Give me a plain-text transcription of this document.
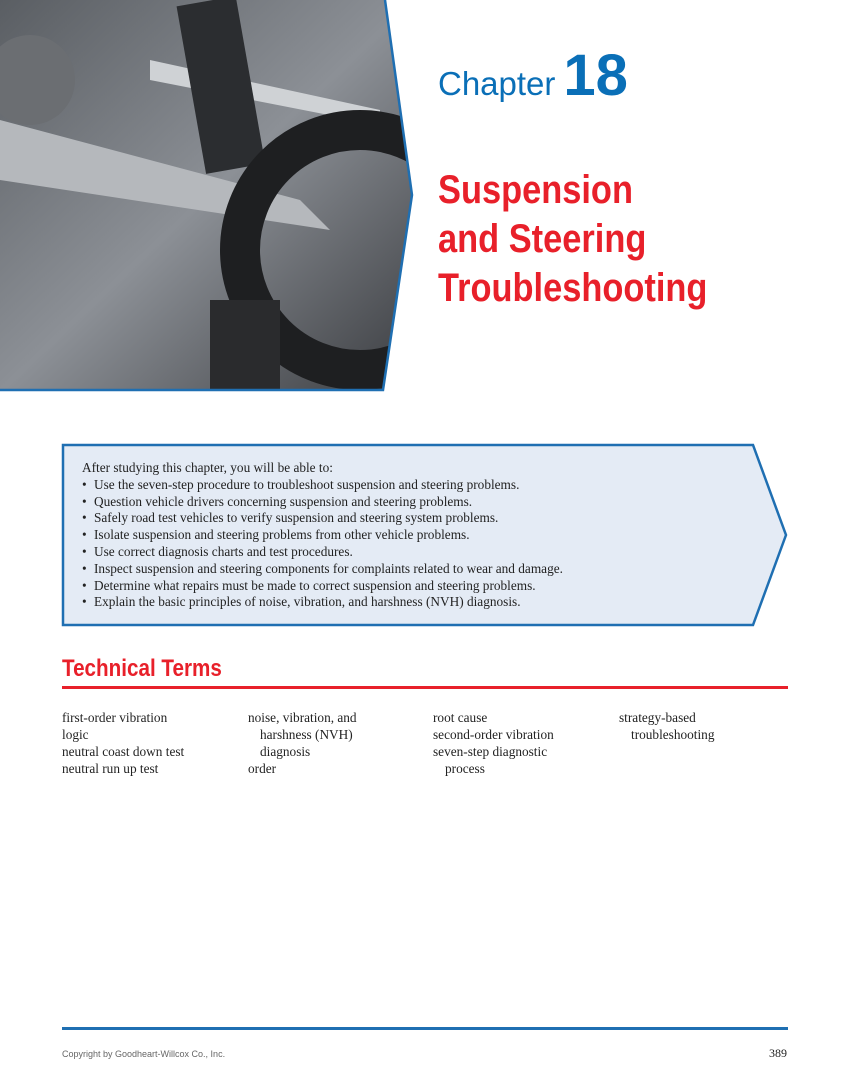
Chapter 18
Suspension
and Steering
Troubleshooting
After studying this chapter, you will be able to:
• Use the seven-step procedure to troubleshoot suspension and steering problems.
• Question vehicle drivers concerning suspension and steering problems.
• Safely road test vehicles to verify suspension and steering system problems.
• Isolate suspension and steering problems from other vehicle problems.
• Use correct diagnosis charts and test procedures.
• Inspect suspension and steering components for complaints related to wear and damage.
• Determine what repairs must be made to correct suspension and steering problems.
• Explain the basic principles of noise, vibration, and harshness (NVH) diagnosis.
Technical Terms
first-order vibration
logic
neutral coast down test
neutral run up test
noise, vibration, and
harshness (NVH)
diagnosis
order
root cause
second-order vibration
seven-step diagnostic
process
strategy-based
troubleshooting
Copyright by Goodheart-Willcox Co., Inc.	389
